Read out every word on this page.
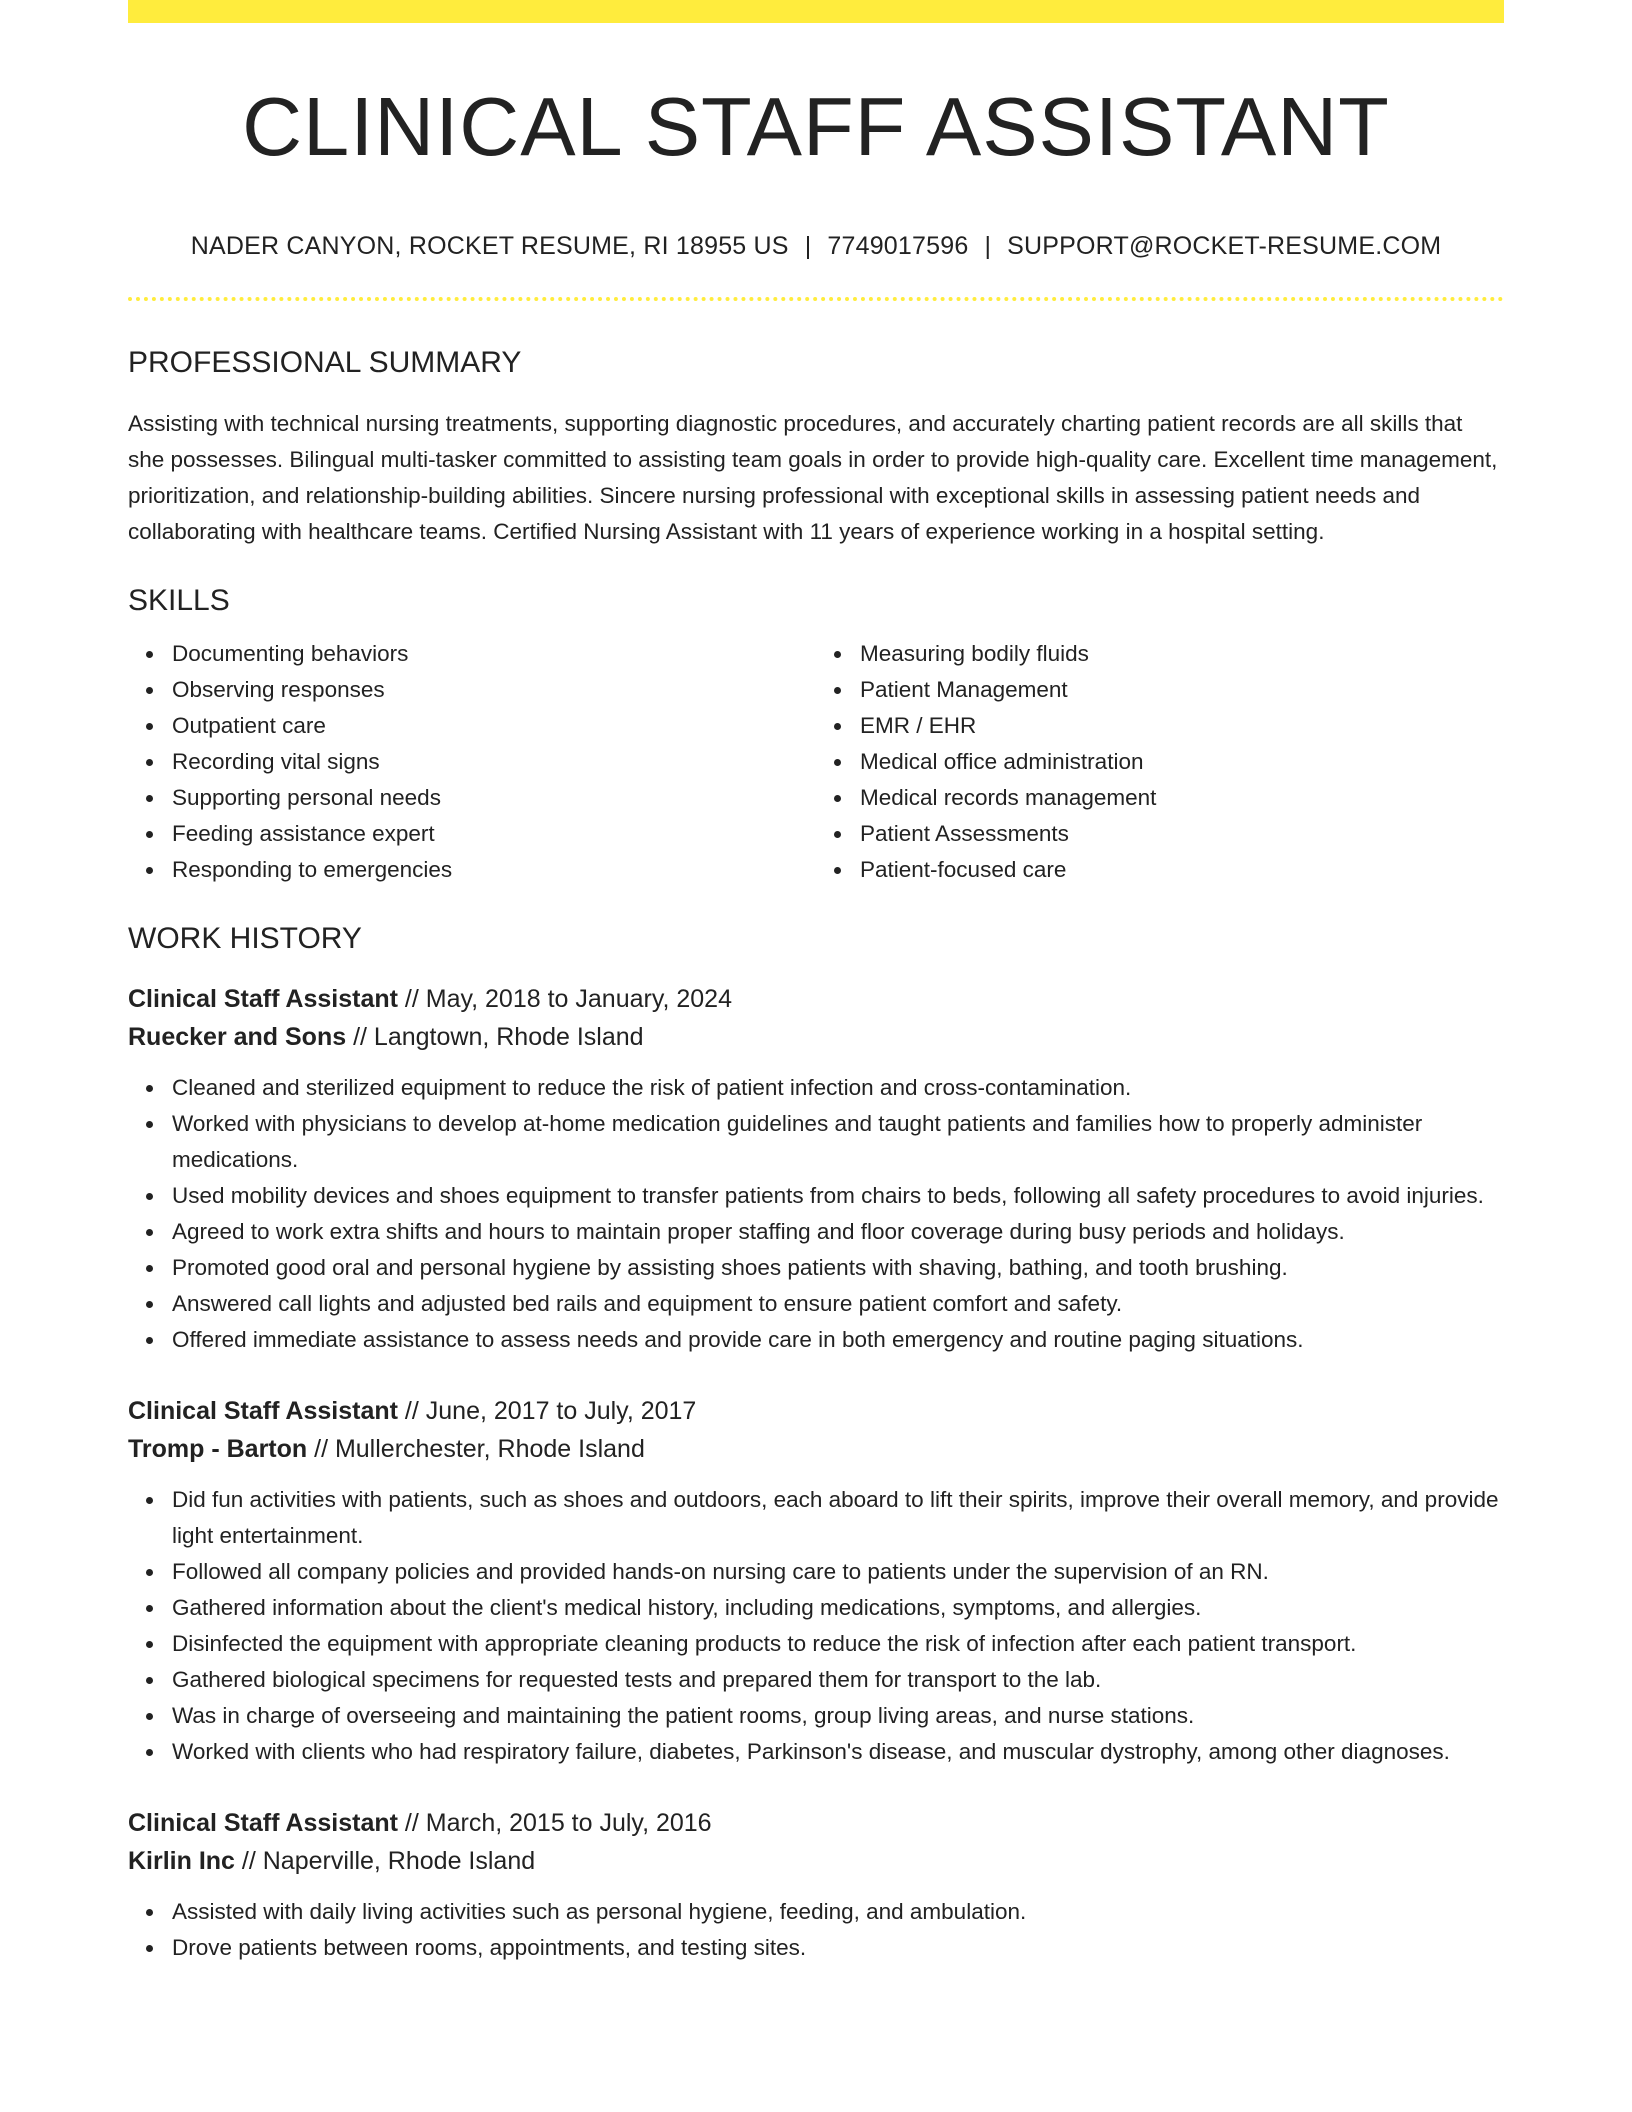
CLINICAL STAFF ASSISTANT
NADER CANYON, ROCKET RESUME, RI 18955 US | 7749017596 | SUPPORT@ROCKET-RESUME.COM
PROFESSIONAL SUMMARY

Assisting with technical nursing treatments, supporting diagnostic procedures, and accurately charting patient records are all skills that she possesses. Bilingual multi-tasker committed to assisting team goals in order to provide high-quality care. Excellent time management, prioritization, and relationship-building abilities. Sincere nursing professional with exceptional skills in assessing patient needs and collaborating with healthcare teams. Certified Nursing Assistant with 11 years of experience working in a hospital setting.

SKILLS
Documenting behaviors
Observing responses
Outpatient care
Recording vital signs
Supporting personal needs
Feeding assistance expert
Responding to emergencies
Measuring bodily fluids
Patient Management
EMR / EHR
Medical office administration
Medical records management
Patient Assessments
Patient-focused care
WORK HISTORY
Clinical Staff Assistant // May, 2018 to January, 2024
Ruecker and Sons // Langtown, Rhode Island
Cleaned and sterilized equipment to reduce the risk of patient infection and cross-contamination.
Worked with physicians to develop at-home medication guidelines and taught patients and families how to properly administer medications.
Used mobility devices and shoes equipment to transfer patients from chairs to beds, following all safety procedures to avoid injuries.
Agreed to work extra shifts and hours to maintain proper staffing and floor coverage during busy periods and holidays.
Promoted good oral and personal hygiene by assisting shoes patients with shaving, bathing, and tooth brushing.
Answered call lights and adjusted bed rails and equipment to ensure patient comfort and safety.
Offered immediate assistance to assess needs and provide care in both emergency and routine paging situations.
Clinical Staff Assistant // June, 2017 to July, 2017
Tromp - Barton // Mullerchester, Rhode Island
Did fun activities with patients, such as shoes and outdoors, each aboard to lift their spirits, improve their overall memory, and provide light entertainment.
Followed all company policies and provided hands-on nursing care to patients under the supervision of an RN.
Gathered information about the client's medical history, including medications, symptoms, and allergies.
Disinfected the equipment with appropriate cleaning products to reduce the risk of infection after each patient transport.
Gathered biological specimens for requested tests and prepared them for transport to the lab.
Was in charge of overseeing and maintaining the patient rooms, group living areas, and nurse stations.
Worked with clients who had respiratory failure, diabetes, Parkinson's disease, and muscular dystrophy, among other diagnoses.
Clinical Staff Assistant // March, 2015 to July, 2016
Kirlin Inc // Naperville, Rhode Island
Assisted with daily living activities such as personal hygiene, feeding, and ambulation.
Drove patients between rooms, appointments, and testing sites.
